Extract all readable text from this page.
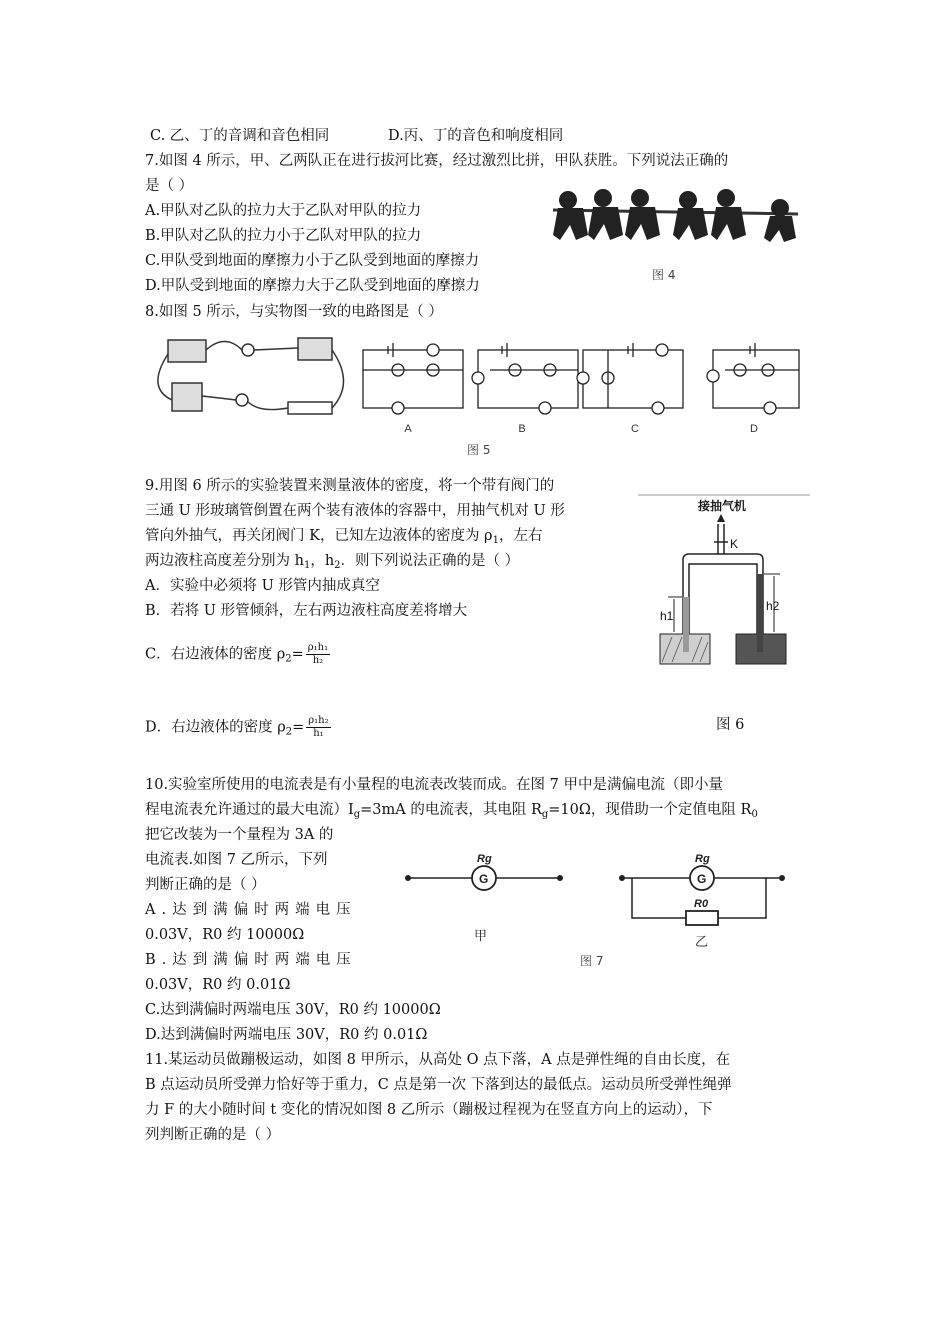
C. 乙、丁的音调和音色相同	D.丙、丁的音色和响度相同
7.如图 4 所示，甲、乙两队正在进行拔河比赛，经过激烈比拼，甲队获胜。下列说法正确的
是（ ）
A.甲队对乙队的拉力大于乙队对甲队的拉力
B.甲队对乙队的拉力小于乙队对甲队的拉力
C.甲队受到地面的摩擦力小于乙队受到地面的摩擦力
D.甲队受到地面的摩擦力大于乙队受到地面的摩擦力
图 4
8.如图 5 所示，与实物图一致的电路图是（ ）
A	B	C	D
图 5
9.用图 6 所示的实验装置来测量液体的密度，将一个带有阀门的
三通 U 形玻璃管倒置在两个装有液体的容器中，用抽气机对 U 形
管向外抽气，再关闭阀门 K，已知左边液体的密度为 $\rho_1$，左右
两边液柱高度差分别为 $h_1$，$h_2$．则下列说法正确的是（ ）
A．实验中必须将 U 形管内抽成真空
B．若将 U 形管倾斜，左右两边液柱高度差将增大
C．右边液体的密度 $\rho_2= \frac{\text{ρ₁h₁}}{\text{h₂}}$
D．右边液体的密度 $\rho_2= \frac{\text{ρ₁h₂}}{\text{h₁}}$
接抽气机
K
h1
h2
图 6
10.实验室所使用的电流表是有小量程的电流表改装而成。在图 7 甲中是满偏电流（即小量
程电流表允许通过的最大电流）$I_g=3mA$ 的电流表，其电阻 $R_g=10\Omega$，现借助一个定值电阻 $R_0$
把它改装为一个量程为 3A 的
电流表.如图 7 乙所示，下列
判断正确的是（ ）
A.达到满偏时两端电压
0.03V，R0 约 10000Ω
B.达到满偏时两端电压
0.03V，R0 约 0.01Ω
C.达到满偏时两端电压 30V，R0 约 10000Ω
D.达到满偏时两端电压 30V，R0 约 0.01Ω
G
Rg
甲
G
Rg
R0
乙
图 7
11.某运动员做蹦极运动，如图 8 甲所示，从高处 O 点下落，A 点是弹性绳的自由长度，在
B 点运动员所受弹力恰好等于重力，C 点是第一次 下落到达的最低点。运动员所受弹性绳弹
力 F 的大小随时间 t 变化的情况如图 8 乙所示（蹦极过程视为在竖直方向上的运动），下
列判断正确的是（ ）
